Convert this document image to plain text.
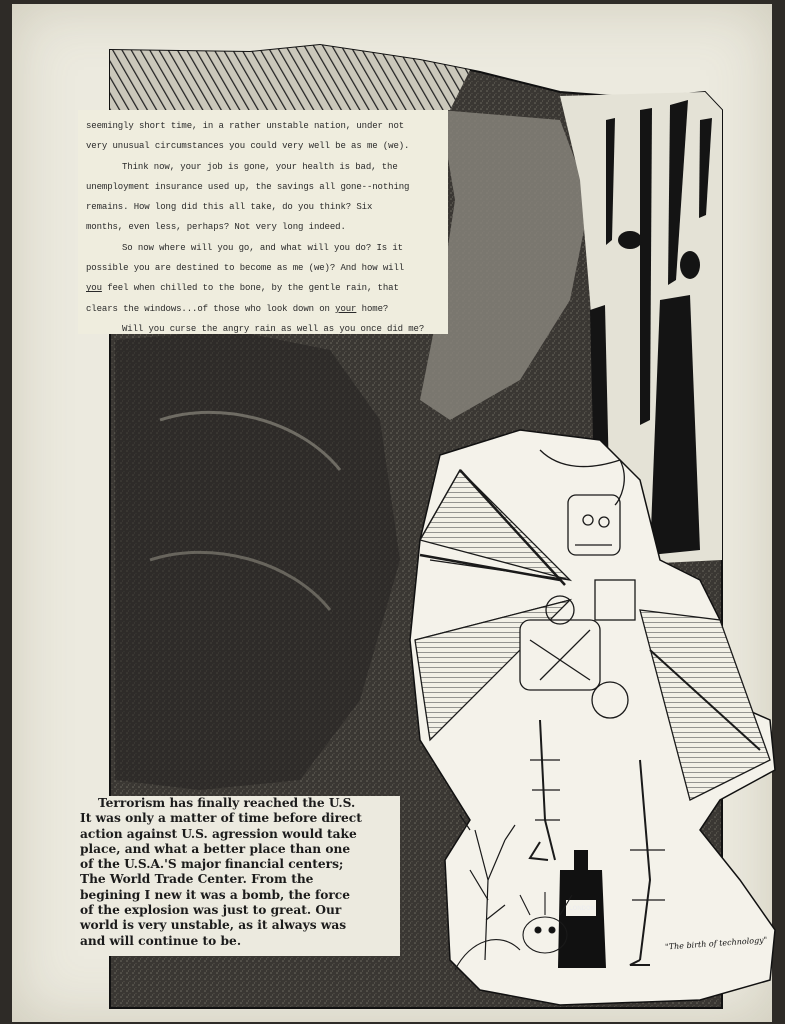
seemingly short time, in a rather unstable nation, under not

very unusual circumstances you could very well be as me (we).

Think now, your job is gone, your health is bad, the

unemployment insurance used up, the savings all gone--nothing

remains. How long did this all take, do you think? Six

months, even less, perhaps? Not very long indeed.

So now where will you go, and what will you do? Is it

possible you are destined to become as me (we)? And how will

you feel when chilled to the bone, by the gentle rain, that

clears the windows...of those who look down on your home?

Will you curse the angry rain as well as you once did me?

Terrorism has finally reached the U.S.

It was only a matter of time before direct

action against U.S. agression would take

place, and what a better place than one

of the U.S.A.'S major financial centers;

The World Trade Center. From the

begining I new it was a bomb, the force

of the explosion was just to great. Our

world is very unstable, as it always was

and will continue to be.

LONDON
"The birth of technology"
